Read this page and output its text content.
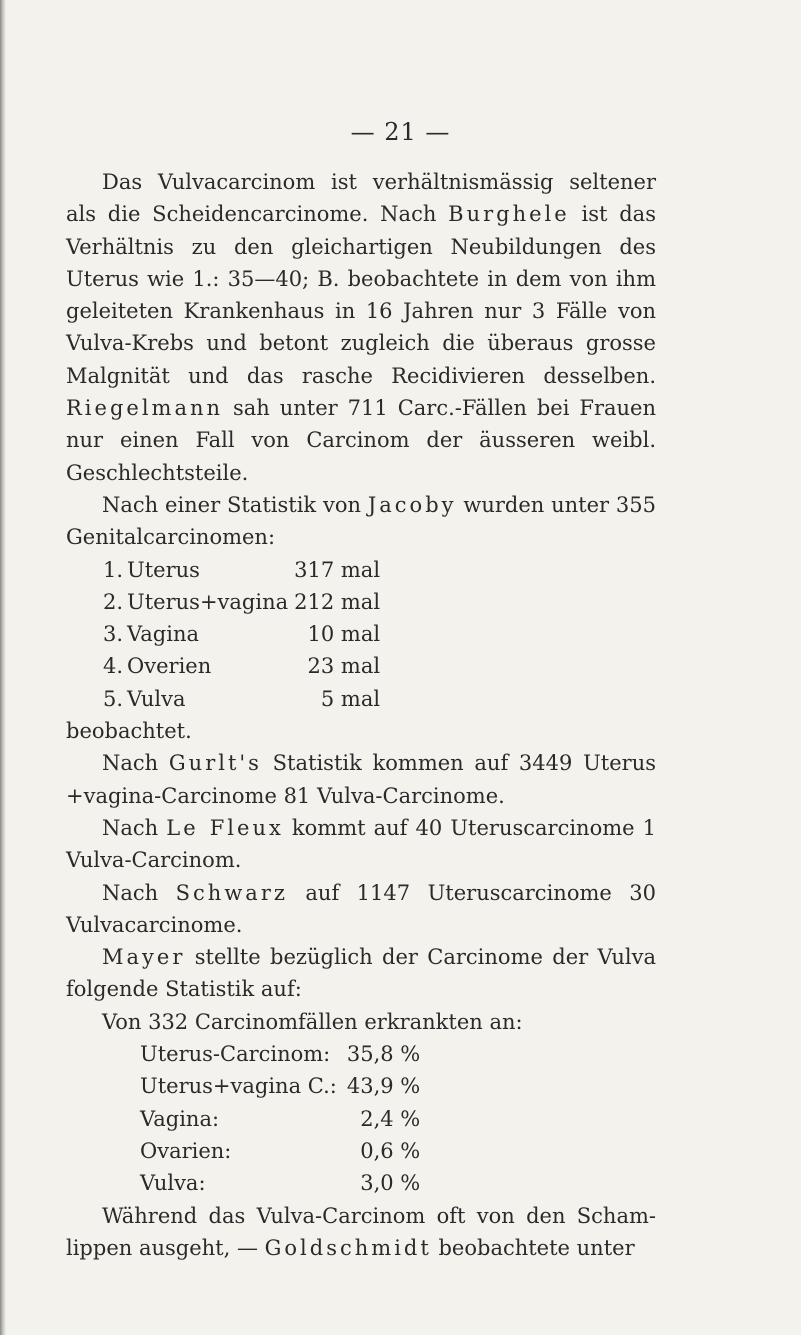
— 21 —

Das Vulvacarcinom ist verhältnismässig seltener als die Scheidencarcinome. Nach Burghele ist das Verhältnis zu den gleichartigen Neubildungen des Uterus wie 1.: 35—40; B. beobachtete in dem von ihm geleiteten Krankenhaus in 16 Jahren nur 3 Fälle von Vulva-Krebs und betont zugleich die überaus grosse Malgnität und das rasche Recidivieren desselben. Riegelmann sah unter 711 Carc.-Fällen bei Frauen nur einen Fall von Carcinom der äusseren weibl. Geschlechtsteile.

Nach einer Statistik von Jacoby wurden unter 355 Genitalcarcinomen:

1.	Uterus	317 mal
2.	Uterus+vagina	212 mal
3.	Vagina	10 mal
4.	Overien	23 mal
5.	Vulva	5 mal

beobachtet.

Nach Gurlt's Statistik kommen auf 3449 Uterus +vagina-Carcinome 81 Vulva-Carcinome.

Nach Le Fleux kommt auf 40 Uteruscarcinome 1 Vulva-Carcinom.

Nach Schwarz auf 1147 Uteruscarcinome 30 Vulvacarcinome.

Mayer stellte bezüglich der Carcinome der Vulva folgende Statistik auf:

Von 332 Carcinomfällen erkrankten an:

Uterus-Carcinom:	35,8 %
Uterus+vagina C.:	43,9 %
Vagina:	2,4 %
Ovarien:	0,6 %
Vulva:	3,0 %

Während das Vulva-Carcinom oft von den Scham-lippen ausgeht, — Goldschmidt beobachtete unter
